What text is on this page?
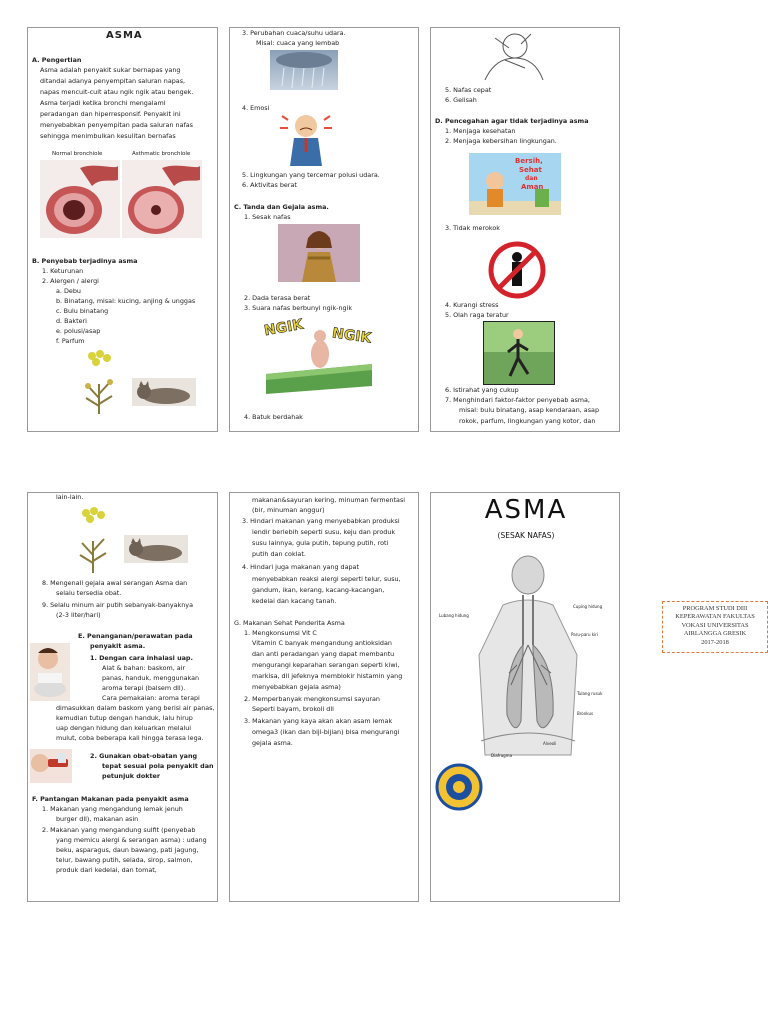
ASMA
A. Pengertian
Asma adalah penyakit sukar bernapas yang
ditandai adanya penyempitan saluran napas,
napas mencuit-cuit atau ngik ngik atau bengek.
Asma terjadi ketika bronchi mengalami
peradangan dan hiperresponsif. Penyakit ini
menyebabkan penyempitan pada saluran nafas
sehingga menimbulkan kesulitan bernafas
Normal bronchiole	Asthmatic bronchiole
B. Penyebab terjadinya asma
1. Keturunan
2. Alergen / alergi
a. Debu
b. Binatang, misal: kucing, anjing & unggas
c. Bulu binatang
d. Bakteri
e. polusi/asap
f. Parfum
3. Perubahan cuaca/suhu udara.
Misal: cuaca yang lembab
4. Emosi
5. Lingkungan yang tercemar polusi udara.
6. Aktivitas berat
C. Tanda dan Gejala asma.
1. Sesak nafas
2. Dada terasa berat
3. Suara nafas berbunyi ngik-ngik
NGIK NGIK
4. Batuk berdahak
5. Nafas cepat
6. Gelisah
D. Pencegahan agar tidak terjadinya asma
1. Menjaga kesehatan
2. Menjaga kebersihan lingkungan.
Bersih,
Sehat
dan
Aman
3. Tidak merokok
4. Kurangi stress
5. Olah raga teratur
6. Istirahat yang cukup
7. Menghindari faktor-faktor penyebab asma,
misal: bulu binatang, asap kendaraan, asap
rokok, parfum, lingkungan yang kotor, dan
lain-lain.
8. Mengenali gejala awal serangan Asma dan
selalu tersedia obat.
9. Selalu minum air putih sebanyak-banyaknya
(2-3 liter/hari)
E. Penanganan/perawatan pada
penyakit asma.
1. Dengan cara inhalasi uap.
Alat & bahan: baskom, air
panas, handuk, menggunakan
aroma terapi (balsem dll).
Cara pemakaian: aroma terapi
dimasukkan dalam baskom yang berisi air panas,
kemudian tutup dengan handuk, lalu hirup
uap dengan hidung dan keluarkan melalui
mulut, coba beberapa kali hingga terasa lega.
2. Gunakan obat-obatan yang
tepat sesuai pola penyakit dan
petunjuk dokter
F. Pantangan Makanan pada penyakit asma
1. Makanan yang mengandung lemak jenuh
burger dll), makanan asin
2. Makanan yang mengandung sulfit (penyebab
yang memicu alergi & serangan asma) : udang
beku, asparagus, daun bawang, pati jagung,
telur, bawang putih, selada, sirop, salmon,
produk dari kedelai, dan tomat,
makanan&sayuran kering, minuman fermentasi
(bir, minuman anggur)
3. Hindari makanan yang menyebabkan produksi
lendir berlebih seperti susu, keju dan produk
susu lainnya, gula putih, tepung putih, roti
putih dan coklat.
4. Hindari juga makanan yang dapat
menyebabkan reaksi alergi seperti telur, susu,
gandum, ikan, kerang, kacang-kacangan,
kedelai dan kacang tanah.
G. Makanan Sehat Penderita Asma
1. Mengkonsumsi Vit C
Vitamin C banyak mengandung antioksidan
dan anti peradangan yang dapat membantu
mengurangi keparahan serangan seperti kiwi,
markisa, dll jefeknya memblokir histamin yang
menyebabkan gejala asma)
2. Memperbanyak mengkonsumsi sayuran
Seperti bayam, brokoli dll
3. Makanan yang kaya akan akan asam lemak
omega3 (ikan dan biji-bijian) bisa mengurangi
gejala asma.
ASMA
(SESAK NAFAS)
Cuping hidung
Lubang hidung
Paru-paru kiri
Tulang rusuk
Bronkus
Alveoli
Diafragma
PROGRAM STUDI DIII
KEPERAWATAN FAKULTAS
VOKASI UNIVERSITAS
AIRLANGGA GRESIK
2017-2018
